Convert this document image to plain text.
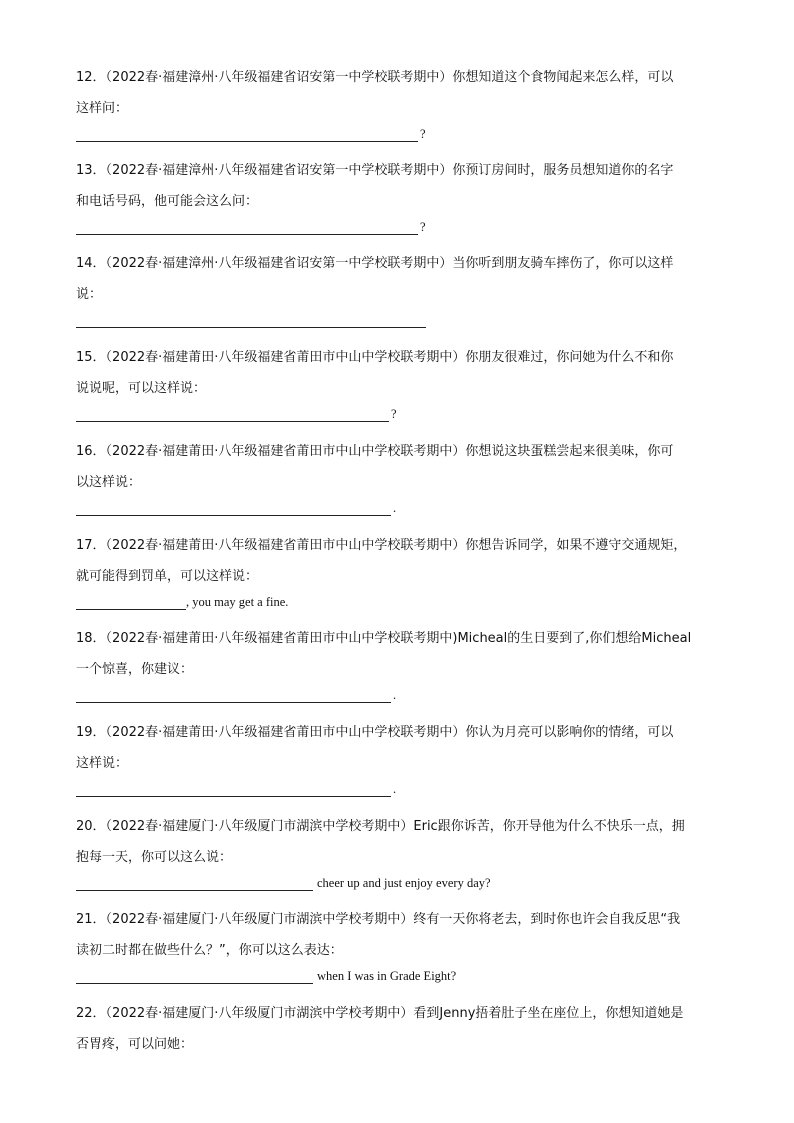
12．（2022春·福建漳州·八年级福建省诏安第一中学校联考期中）你想知道这个食物闻起来怎么样，可以
这样问：
?
13．（2022春·福建漳州·八年级福建省诏安第一中学校联考期中）你预订房间时，服务员想知道你的名字
和电话号码，他可能会这么问：
?
14．（2022春·福建漳州·八年级福建省诏安第一中学校联考期中）当你听到朋友骑车摔伤了，你可以这样
说：
15．（2022春·福建莆田·八年级福建省莆田市中山中学校联考期中）你朋友很难过，你问她为什么不和你
说说呢，可以这样说：
?
16．（2022春·福建莆田·八年级福建省莆田市中山中学校联考期中）你想说这块蛋糕尝起来很美味，你可
以这样说：
.
17．（2022春·福建莆田·八年级福建省莆田市中山中学校联考期中）你想告诉同学，如果不遵守交通规矩，
就可能得到罚单，可以这样说：
, you may get a fine.
18．（2022春·福建莆田·八年级福建省莆田市中山中学校联考期中)Micheal的生日要到了,你们想给Micheal
一个惊喜，你建议：
.
19．（2022春·福建莆田·八年级福建省莆田市中山中学校联考期中）你认为月亮可以影响你的情绪，可以
这样说：
.
20．（2022春·福建厦门·八年级厦门市湖滨中学校考期中）Eric跟你诉苦，你开导他为什么不快乐一点，拥
抱每一天，你可以这么说：
cheer up and just enjoy every day?
21．（2022春·福建厦门·八年级厦门市湖滨中学校考期中）终有一天你将老去，到时你也许会自我反思“我
读初二时都在做些什么？”，你可以这么表达：
when I was in Grade Eight?
22．（2022春·福建厦门·八年级厦门市湖滨中学校考期中）看到Jenny捂着肚子坐在座位上，你想知道她是
否胃疼，可以问她：
